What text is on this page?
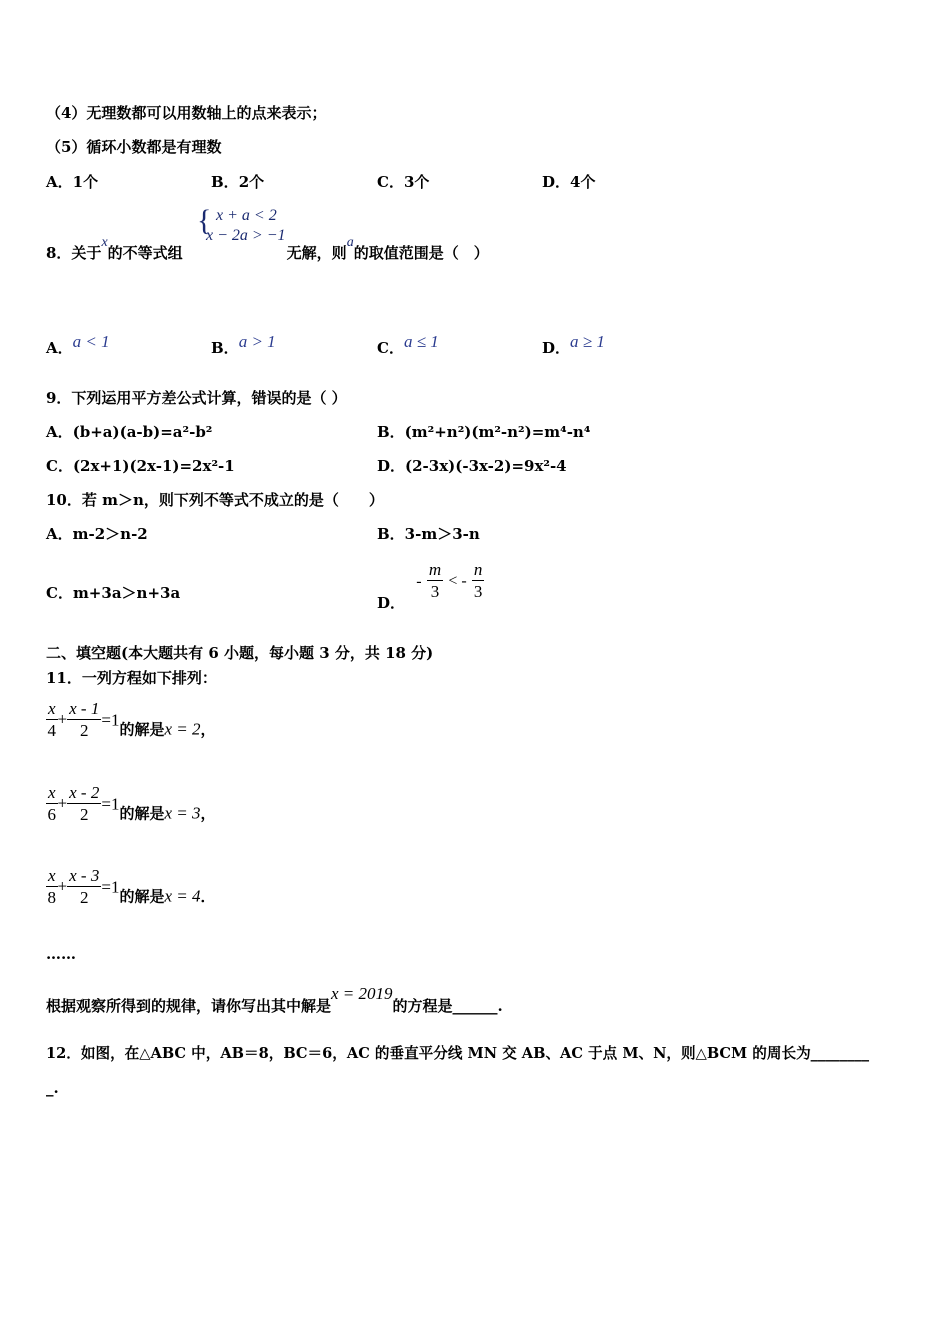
（4）无理数都可以用数轴上的点来表示；
（5）循环小数都是有理数
A．1个	B．2个	C．3个	D．4个
8．关于x的不等式组	无解，则a的取值范围是（　）
{ x + a < 2
x − 2a > −1
A．a < 1	B．a > 1	C．a ≤ 1	D．a ≥ 1
9．下列运用平方差公式计算，错误的是（ ）
A．(b+a)(a-b)=a²-b²	B．(m²+n²)(m²-n²)=m⁴-n⁴
C．(2x+1)(2x-1)=2x²-1	D．(2-3x)(-3x-2)=9x²-4
10．若 m＞n，则下列不等式不成立的是（　　）
A．m-2＞n-2	B．3-m＞3-n
C．m+3a＞n+3a
D． - $\frac{m}{3}$ < - $\frac{n}{3}$
二、填空题(本大题共有 6 小题，每小题 3 分，共 18 分)
11．一列方程如下排列：
$\frac{x}{4} + \frac{x - 1}{2} =1$的解是x = 2，
$\frac{x}{6} + \frac{x - 2}{2} =1$的解是x = 3，
$\frac{x}{8} + \frac{x - 3}{2} =1$的解是x = 4．
……
根据观察所得到的规律，请你写出其中解是x = 2019的方程是______.
12．如图，在△ABC 中，AB＝8，BC＝6，AC 的垂直平分线 MN 交 AB、AC 于点 M、N，则△BCM 的周长为________
_.
